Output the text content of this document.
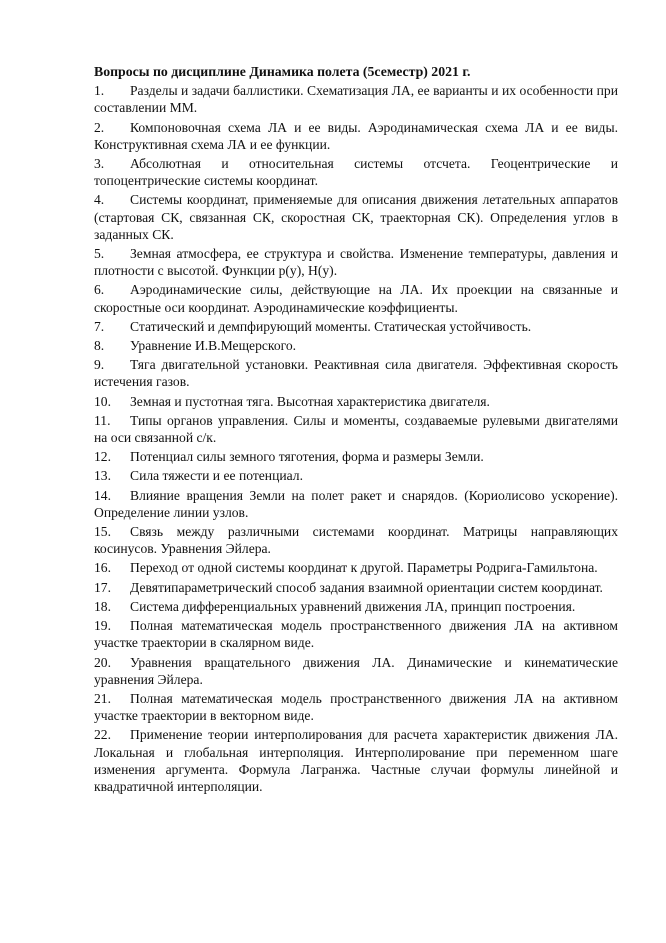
Вопросы по дисциплине Динамика полета (5семестр) 2021 г.

1. Разделы и задачи баллистики. Схематизация ЛА, ее варианты и их особенности при составлении ММ.

2. Компоновочная схема ЛА и ее виды. Аэродинамическая схема ЛА и ее виды. Конструктивная схема ЛА и ее функции.

3. Абсолютная и относительная системы отсчета. Геоцентрические и топоцентрические системы координат.

4. Системы координат, применяемые для описания движения летательных аппаратов (стартовая СК, связанная СК, скоростная СК, траекторная СК). Определения углов в заданных СК.

5. Земная атмосфера, ее структура и свойства. Изменение температуры, давления и плотности с высотой. Функции р(у), Н(у).

6. Аэродинамические силы, действующие на ЛА. Их проекции на связанные и скоростные оси координат. Аэродинамические коэффициенты.

7. Статический и демпфирующий моменты. Статическая устойчивость.

8. Уравнение И.В.Мещерского.

9. Тяга двигательной установки. Реактивная сила двигателя. Эффективная скорость истечения газов.

10. Земная и пустотная тяга. Высотная характеристика двигателя.

11. Типы органов управления. Силы и моменты, создаваемые рулевыми двигателями на оси связанной с/к.

12. Потенциал силы земного тяготения, форма и размеры Земли.

13. Сила тяжести и ее потенциал.

14. Влияние вращения Земли на полет ракет и снарядов. (Кориолисово ускорение). Определение линии узлов.

15. Связь между различными системами координат. Матрицы направляющих косинусов. Уравнения Эйлера.

16. Переход от одной системы координат к другой. Параметры Родрига-Гамильтона.

17. Девятипараметрический способ задания взаимной ориентации систем координат.

18. Система дифференциальных уравнений движения ЛА, принцип построения.

19. Полная математическая модель пространственного движения ЛА на активном участке траектории в скалярном виде.

20. Уравнения вращательного движения ЛА. Динамические и кинематические уравнения Эйлера.

21. Полная математическая модель пространственного движения ЛА на активном участке траектории в векторном виде.

22. Применение теории интерполирования для расчета характеристик движения ЛА. Локальная и глобальная интерполяция. Интерполирование при переменном шаге изменения аргумента. Формула Лагранжа. Частные случаи формулы линейной и квадратичной интерполяции.
